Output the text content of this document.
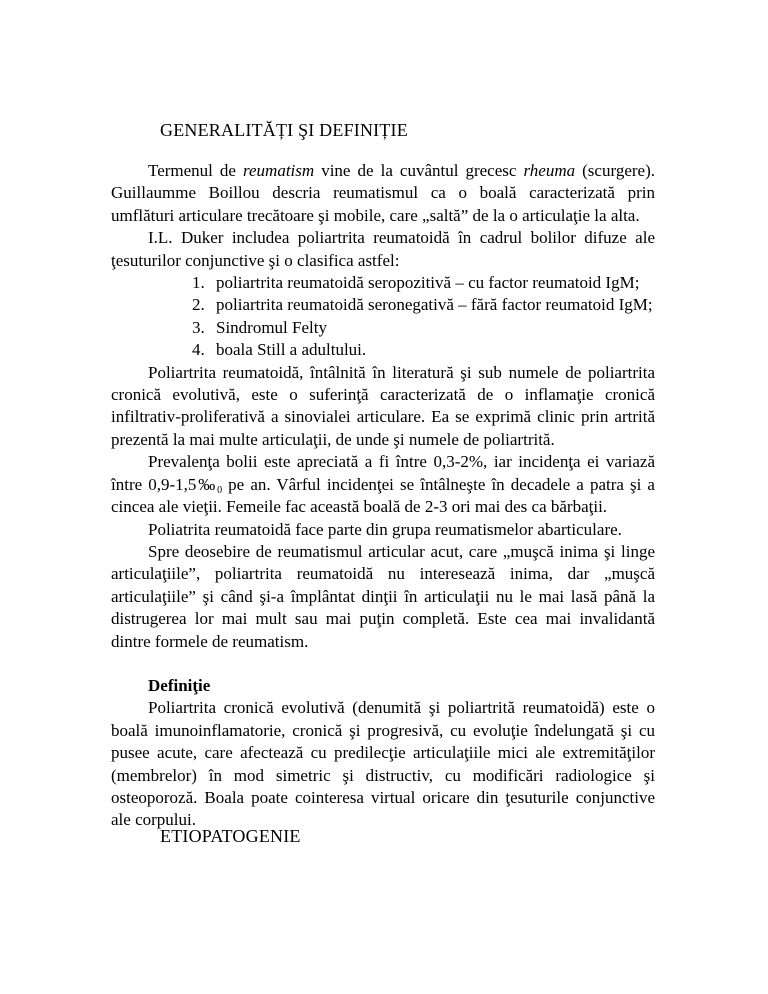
GENERALITĂȚI ŞI DEFINIȚIE

Termenul de reumatism vine de la cuvântul grecesc rheuma (scurgere). Guillaumme Boillou descria reumatismul ca o boală caracterizată prin umflături articulare trecătoare şi mobile, care „saltă” de la o articulaţie la alta.

I.L. Duker includea poliartrita reumatoidă în cadrul bolilor difuze ale ţesuturilor conjunctive şi o clasifica astfel:

1. poliartrita reumatoidă seropozitivă – cu factor reumatoid IgM;
2. poliartrita reumatoidă seronegativă – fără factor reumatoid IgM;
3. Sindromul Felty
4. boala Still a adultului.

Poliartrita reumatoidă, întâlnită în literatură şi sub numele de poliartrita cronică evolutivă, este o suferinţă caracterizată de o inflamaţie cronică infiltrativ-proliferativă a sinovialei articulare. Ea se exprimă clinic prin artrită prezentă la mai multe articulaţii, de unde şi numele de poliartrită.

Prevalenţa bolii este apreciată a fi între 0,3-2%, iar incidenţa ei variază între $0,9-1,5‰_0$ pe an. Vârful incidenţei se întâlneşte în decadele a patra şi a cincea ale vieţii. Femeile fac această boală de 2-3 ori mai des ca bărbaţii.

Poliatrita reumatoidă face parte din grupa reumatismelor abarticulare.

Spre deosebire de reumatismul articular acut, care „muşcă inima şi linge articulaţiile”, poliartrita reumatoidă nu interesează inima, dar „muşcă articulaţiile” şi când şi-a împlântat dinţii în articulaţii nu le mai lasă până la distrugerea lor mai mult sau mai puţin completă. Este cea mai invalidantă dintre formele de reumatism.

Definiţie

Poliartrita cronică evolutivă (denumită şi poliartrită reumatoidă) este o boală imunoinflamatorie, cronică şi progresivă, cu evoluţie îndelungată şi cu pusee acute, care afectează cu predilecţie articulaţiile mici ale extremităţilor (membrelor) în mod simetric şi distructiv, cu modificări radiologice şi osteoporoză. Boala poate cointeresa virtual oricare din ţesuturile conjunctive ale corpului.

ETIOPATOGENIE
